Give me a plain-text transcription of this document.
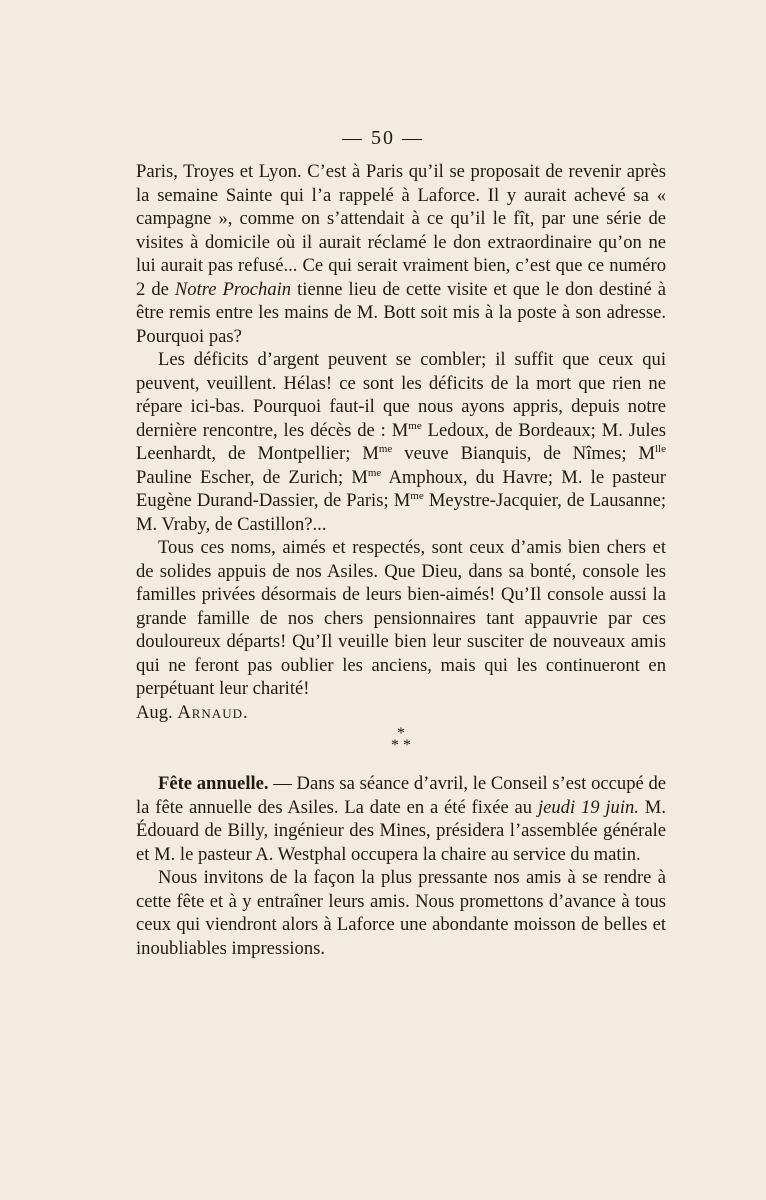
— 50 —

Paris, Troyes et Lyon. C’est à Paris qu’il se proposait de revenir après la semaine Sainte qui l’a rappelé à Laforce. Il y aurait achevé sa « campagne », comme on s’attendait à ce qu’il le fît, par une série de visites à domicile où il aurait réclamé le don extraordinaire qu’on ne lui aurait pas refusé... Ce qui serait vraiment bien, c’est que ce numéro 2 de Notre Prochain tienne lieu de cette visite et que le don destiné à être remis entre les mains de M. Bott soit mis à la poste à son adresse. Pourquoi pas?

Les déficits d’argent peuvent se combler; il suffit que ceux qui peuvent, veuillent. Hélas! ce sont les déficits de la mort que rien ne répare ici-bas. Pourquoi faut-il que nous ayons appris, depuis notre dernière rencontre, les décès de : $M^{me}$ Ledoux, de Bordeaux; M. Jules Leenhardt, de Montpellier; $M^{me}$ veuve Bianquis, de Nîmes; $M^{lle}$ Pauline Escher, de Zurich; $M^{me}$ Amphoux, du Havre; M. le pasteur Eugène Durand-Dassier, de Paris; $M^{me}$ Meystre-Jacquier, de Lausanne; M. Vraby, de Castillon?...

Tous ces noms, aimés et respectés, sont ceux d’amis bien chers et de solides appuis de nos Asiles. Que Dieu, dans sa bonté, console les familles privées désormais de leurs bien-aimés! Qu’Il console aussi la grande famille de nos chers pensionnaires tant appauvrie par ces douloureux départs! Qu’Il veuille bien leur susciter de nouveaux amis qui ne feront pas oublier les anciens, mais qui les continueront en perpétuant leur charité!

Aug. Arnaud.

*
* *

Fête annuelle. — Dans sa séance d’avril, le Conseil s’est occupé de la fête annuelle des Asiles. La date en a été fixée au jeudi 19 juin. M. Édouard de Billy, ingénieur des Mines, présidera l’assemblée générale et M. le pasteur A. Westphal occupera la chaire au service du matin.

Nous invitons de la façon la plus pressante nos amis à se rendre à cette fête et à y entraîner leurs amis. Nous promettons d’avance à tous ceux qui viendront alors à Laforce une abondante moisson de belles et inoubliables impressions.
